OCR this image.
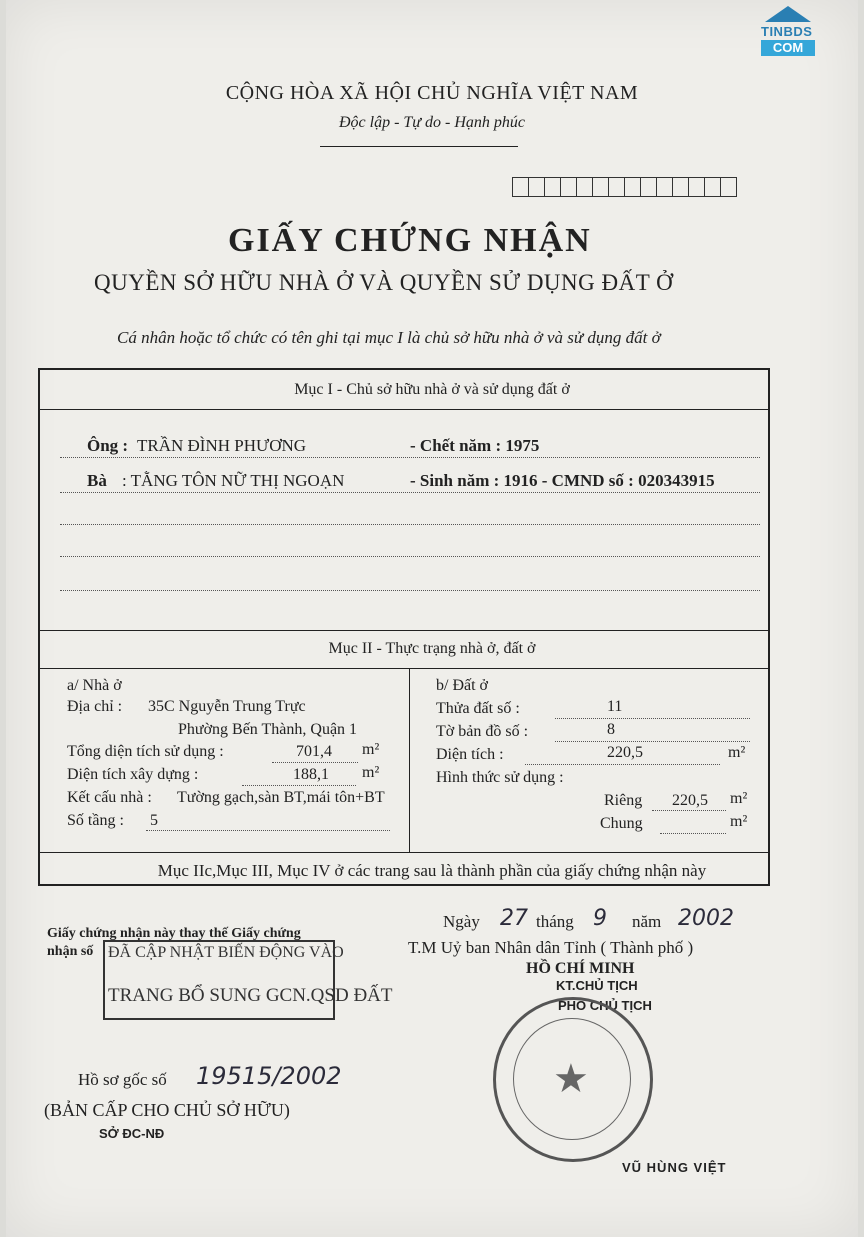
TINBDS
COM
CỘNG HÒA XÃ HỘI CHỦ NGHĨA VIỆT NAM
Độc lập - Tự do - Hạnh phúc
GIẤY CHỨNG NHẬN
QUYỀN SỞ HỮU NHÀ Ở VÀ QUYỀN SỬ DỤNG ĐẤT Ở
Cá nhân hoặc tổ chức có tên ghi tại mục I là chủ sở hữu nhà ở và sử dụng đất ở
Mục I - Chủ sở hữu nhà ở và sử dụng đất ở
Ông : TRẦN ĐÌNH PHƯƠNG	- Chết năm : 1975
Bà : TẰNG TÔN NỮ THỊ NGOẠN	- Sinh năm : 1916 - CMND số : 020343915
Mục II - Thực trạng nhà ở, đất ở
a/ Nhà ở
Địa chỉ : 35C Nguyễn Trung Trực
Phường Bến Thành, Quận 1
Tổng diện tích sử dụng :	701,4 m²
Diện tích xây dựng :	188,1 m²
Kết cấu nhà : Tường gạch,sàn BT,mái tôn+BT
Số tầng : 5
b/ Đất ở
Thửa đất số :	11
Tờ bản đồ số :	8
Diện tích :	220,5	m²
Hình thức sử dụng :
Riêng 220,5 m²
Chung	m²
Mục IIc,Mục III, Mục IV ở các trang sau là thành phần của giấy chứng nhận này
Giấy chứng nhận này thay thế Giấy chứng
nhận số ĐÃ CẬP NHẬT BIẾN ĐỘNG VÀO
TRANG BỔ SUNG GCN.QSD ĐẤT
Ngày 27 tháng 9 năm 2002
T.M Uỷ ban Nhân dân Tỉnh ( Thành phố )
HỒ CHÍ MINH
KT.CHỦ TỊCH
PHÓ CHỦ TỊCH
★
VŨ HÙNG VIỆT
Hồ sơ gốc số 19515/2002
(BẢN CẤP CHO CHỦ SỞ HỮU)
SỞ ĐC-NĐ
